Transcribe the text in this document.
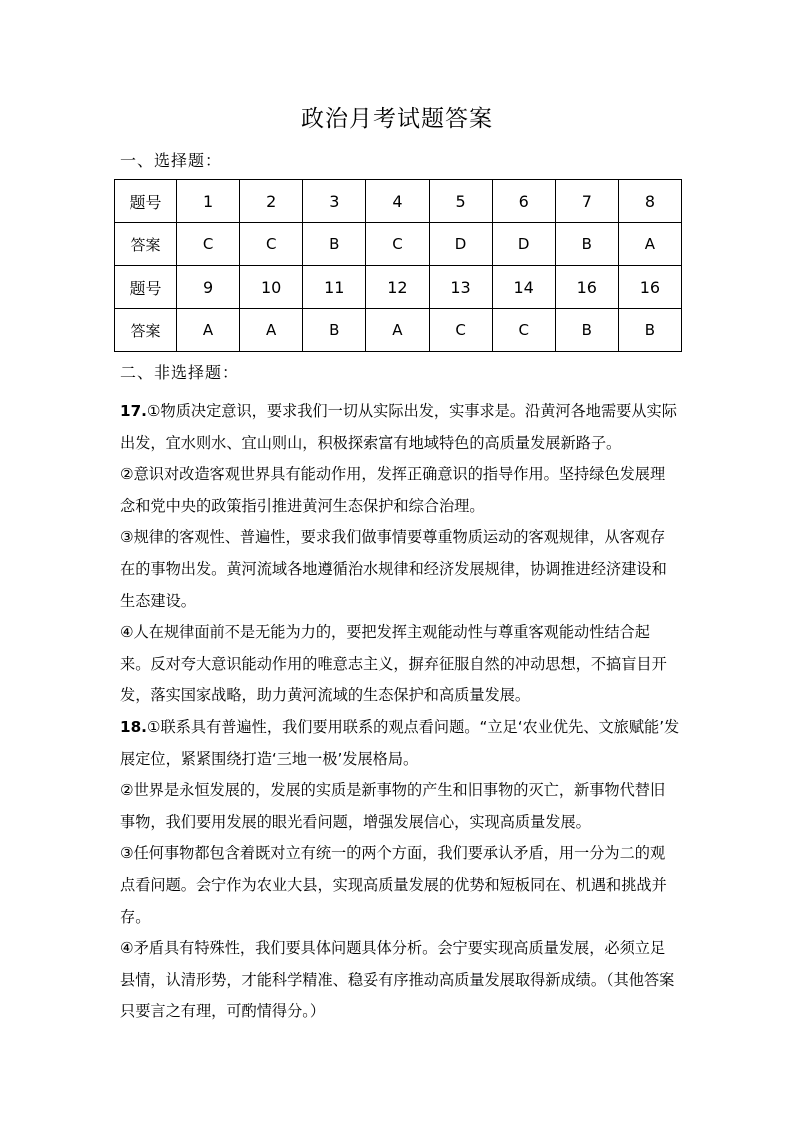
政治月考试题答案
一、选择题：
题号	1	2	3	4	5	6	7	8
答案	C	C	B	C	D	D	B	A
题号	9	10	11	12	13	14	16	16
答案	A	A	B	A	C	C	B	B
二、非选择题：

17.①物质决定意识，要求我们一切从实际出发，实事求是。沿黄河各地需要从实际出发，宜水则水、宜山则山，积极探索富有地域特色的高质量发展新路子。

②意识对改造客观世界具有能动作用，发挥正确意识的指导作用。坚持绿色发展理念和党中央的政策指引推进黄河生态保护和综合治理。

③规律的客观性、普遍性，要求我们做事情要尊重物质运动的客观规律，从客观存在的事物出发。黄河流域各地遵循治水规律和经济发展规律，协调推进经济建设和生态建设。

④人在规律面前不是无能为力的，要把发挥主观能动性与尊重客观能动性结合起来。反对夸大意识能动作用的唯意志主义，摒弃征服自然的冲动思想，不搞盲目开发，落实国家战略，助力黄河流域的生态保护和高质量发展。

18.①联系具有普遍性，我们要用联系的观点看问题。“立足‘农业优先、文旅赋能’发展定位，紧紧围绕打造‘三地一极’发展格局。

②世界是永恒发展的，发展的实质是新事物的产生和旧事物的灭亡，新事物代替旧事物，我们要用发展的眼光看问题，增强发展信心，实现高质量发展。

③任何事物都包含着既对立有统一的两个方面，我们要承认矛盾，用一分为二的观点看问题。会宁作为农业大县，实现高质量发展的优势和短板同在、机遇和挑战并存。

④矛盾具有特殊性，我们要具体问题具体分析。会宁要实现高质量发展，必须立足县情，认清形势，才能科学精准、稳妥有序推动高质量发展取得新成绩。（其他答案只要言之有理，可酌情得分。）
